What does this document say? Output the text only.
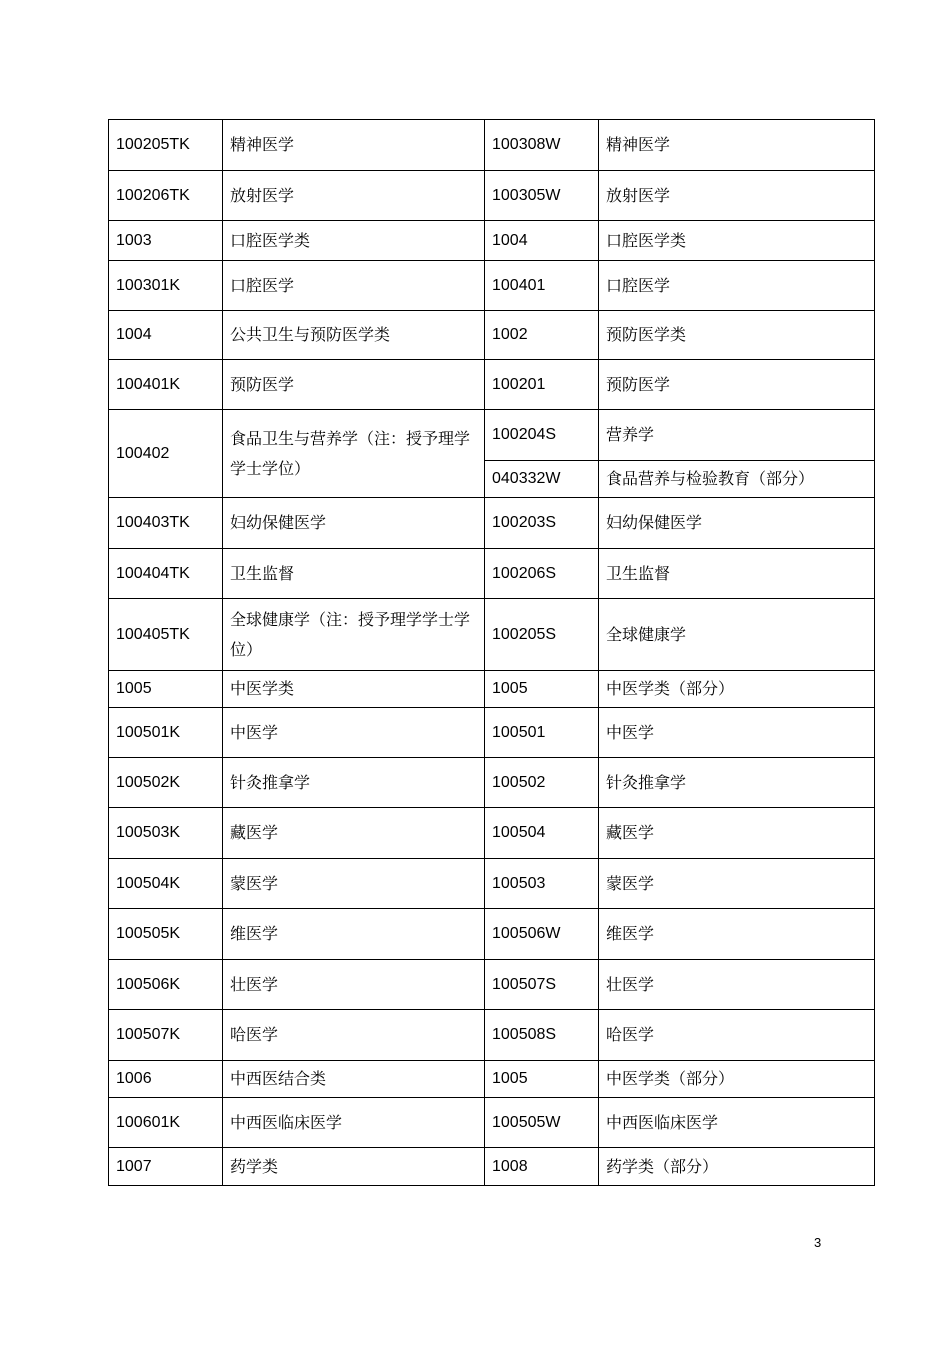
100205TK	精神医学	100308W	精神医学
100206TK	放射医学	100305W	放射医学
1003	口腔医学类	1004	口腔医学类
100301K	口腔医学	100401	口腔医学
1004	公共卫生与预防医学类	1002	预防医学类
100401K	预防医学	100201	预防医学
100402	食品卫生与营养学（注：授予理学学士学位）	100204S	营养学
		040332W	食品营养与检验教育（部分）
100403TK	妇幼保健医学	100203S	妇幼保健医学
100404TK	卫生监督	100206S	卫生监督
100405TK	全球健康学（注：授予理学学士学位）	100205S	全球健康学
1005	中医学类	1005	中医学类（部分）
100501K	中医学	100501	中医学
100502K	针灸推拿学	100502	针灸推拿学
100503K	藏医学	100504	藏医学
100504K	蒙医学	100503	蒙医学
100505K	维医学	100506W	维医学
100506K	壮医学	100507S	壮医学
100507K	哈医学	100508S	哈医学
1006	中西医结合类	1005	中医学类（部分）
100601K	中西医临床医学	100505W	中西医临床医学
1007	药学类	1008	药学类（部分）
3
